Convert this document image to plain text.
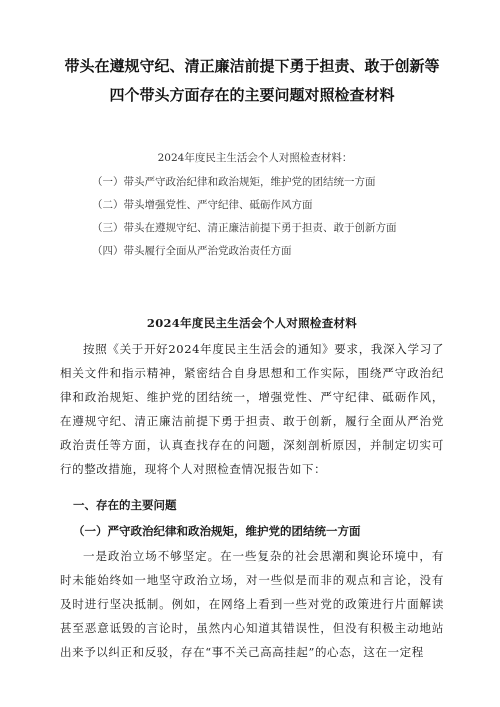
带头在遵规守纪、清正廉洁前提下勇于担责、敢于创新等四个带头方面存在的主要问题对照检查材料
2024年度民主生活会个人对照检查材料：
（一）带头严守政治纪律和政治规矩，维护党的团结统一方面
（二）带头增强党性、严守纪律、砥砺作风方面
（三）带头在遵规守纪、清正廉洁前提下勇于担责、敢于创新方面
（四）带头履行全面从严治党政治责任方面
2024年度民主生活会个人对照检查材料

按照《关于开好2024年度民主生活会的通知》要求，我深入学习了相关文件和指示精神，紧密结合自身思想和工作实际，围绕严守政治纪律和政治规矩、维护党的团结统一，增强党性、严守纪律、砥砺作风，在遵规守纪、清正廉洁前提下勇于担责、敢于创新，履行全面从严治党政治责任等方面，认真查找存在的问题，深刻剖析原因，并制定切实可行的整改措施，现将个人对照检查情况报告如下：

一、存在的主要问题
（一）严守政治纪律和政治规矩，维护党的团结统一方面

一是政治立场不够坚定。在一些复杂的社会思潮和舆论环境中，有时未能始终如一地坚守政治立场，对一些似是而非的观点和言论，没有及时进行坚决抵制。例如，在网络上看到一些对党的政策进行片面解读甚至恶意诋毁的言论时，虽然内心知道其错误性，但没有积极主动地站出来予以纠正和反驳，存在“事不关己高高挂起”的心态，这在一定程
